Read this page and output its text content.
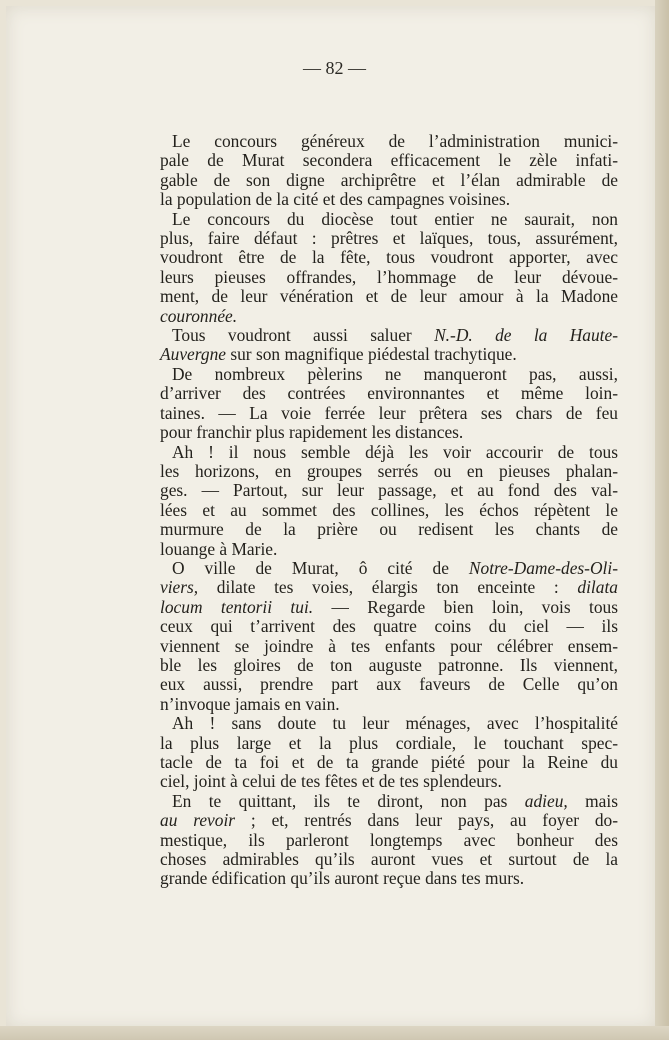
— 82 —
Le concours généreux de l’administration munici-
pale de Murat secondera efficacement le zèle infati-
gable de son digne archiprêtre et l’élan admirable de
la population de la cité et des campagnes voisines.
Le concours du diocèse tout entier ne saurait, non
plus, faire défaut : prêtres et laïques, tous, assurément,
voudront être de la fête, tous voudront apporter, avec
leurs pieuses offrandes, l’hommage de leur dévoue-
ment, de leur vénération et de leur amour à la Madone
couronnée.
Tous voudront aussi saluer N.-D. de la Haute-
Auvergne sur son magnifique piédestal trachytique.
De nombreux pèlerins ne manqueront pas, aussi,
d’arriver des contrées environnantes et même loin-
taines. — La voie ferrée leur prêtera ses chars de feu
pour franchir plus rapidement les distances.
Ah ! il nous semble déjà les voir accourir de tous
les horizons, en groupes serrés ou en pieuses phalan-
ges. — Partout, sur leur passage, et au fond des val-
lées et au sommet des collines, les échos répètent le
murmure de la prière ou redisent les chants de
louange à Marie.
O ville de Murat, ô cité de Notre-Dame-des-Oli-
viers, dilate tes voies, élargis ton enceinte : dilata
locum tentorii tui. — Regarde bien loin, vois tous
ceux qui t’arrivent des quatre coins du ciel — ils
viennent se joindre à tes enfants pour célébrer ensem-
ble les gloires de ton auguste patronne. Ils viennent,
eux aussi, prendre part aux faveurs de Celle qu’on
n’invoque jamais en vain.
Ah ! sans doute tu leur ménages, avec l’hospitalité
la plus large et la plus cordiale, le touchant spec-
tacle de ta foi et de ta grande piété pour la Reine du
ciel, joint à celui de tes fêtes et de tes splendeurs.
En te quittant, ils te diront, non pas adieu, mais
au revoir ; et, rentrés dans leur pays, au foyer do-
mestique, ils parleront longtemps avec bonheur des
choses admirables qu’ils auront vues et surtout de la
grande édification qu’ils auront reçue dans tes murs.
